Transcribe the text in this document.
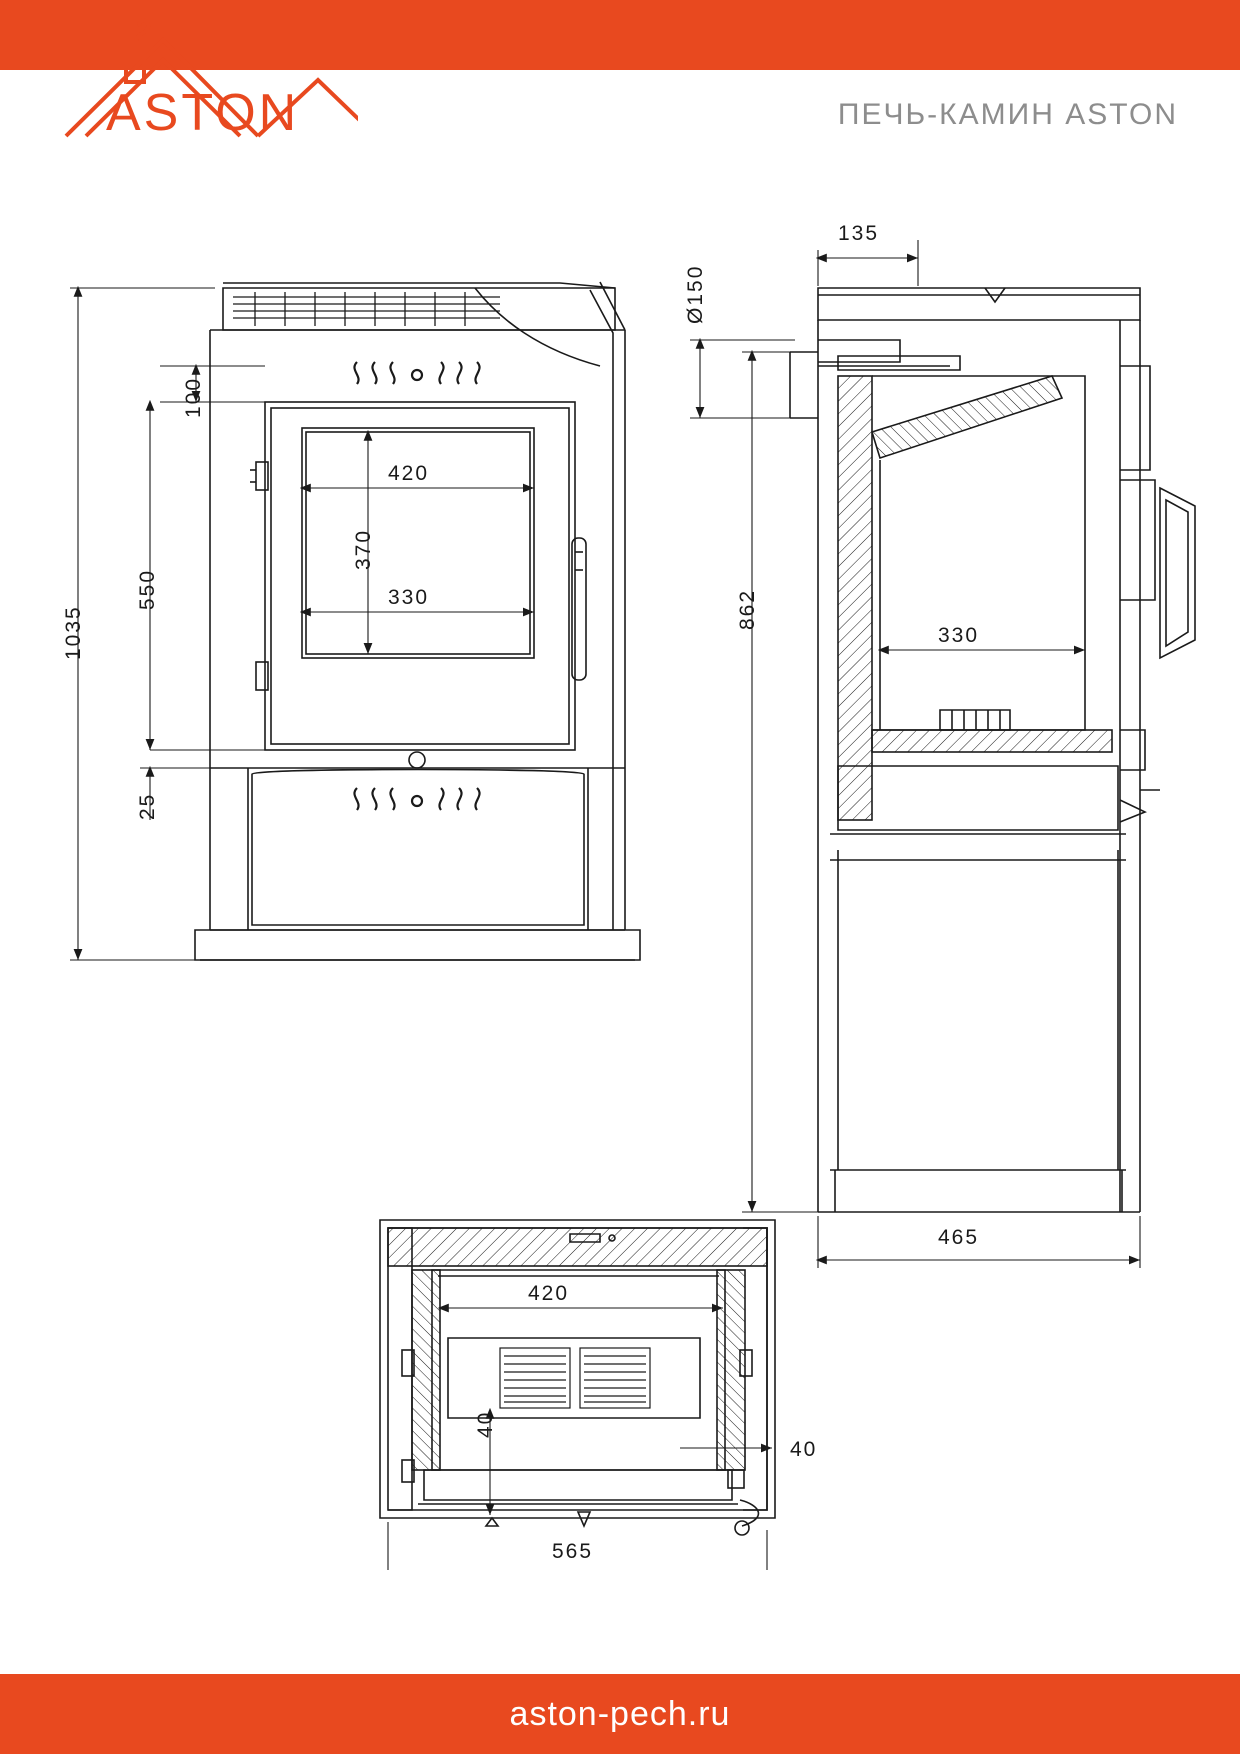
ASTON	ПЕЧЬ-КАМИН ASTON
1035
100
550
25
420
370
330
135
Ø150
330
862
465
420
40
40
565
aston-pech.ru
